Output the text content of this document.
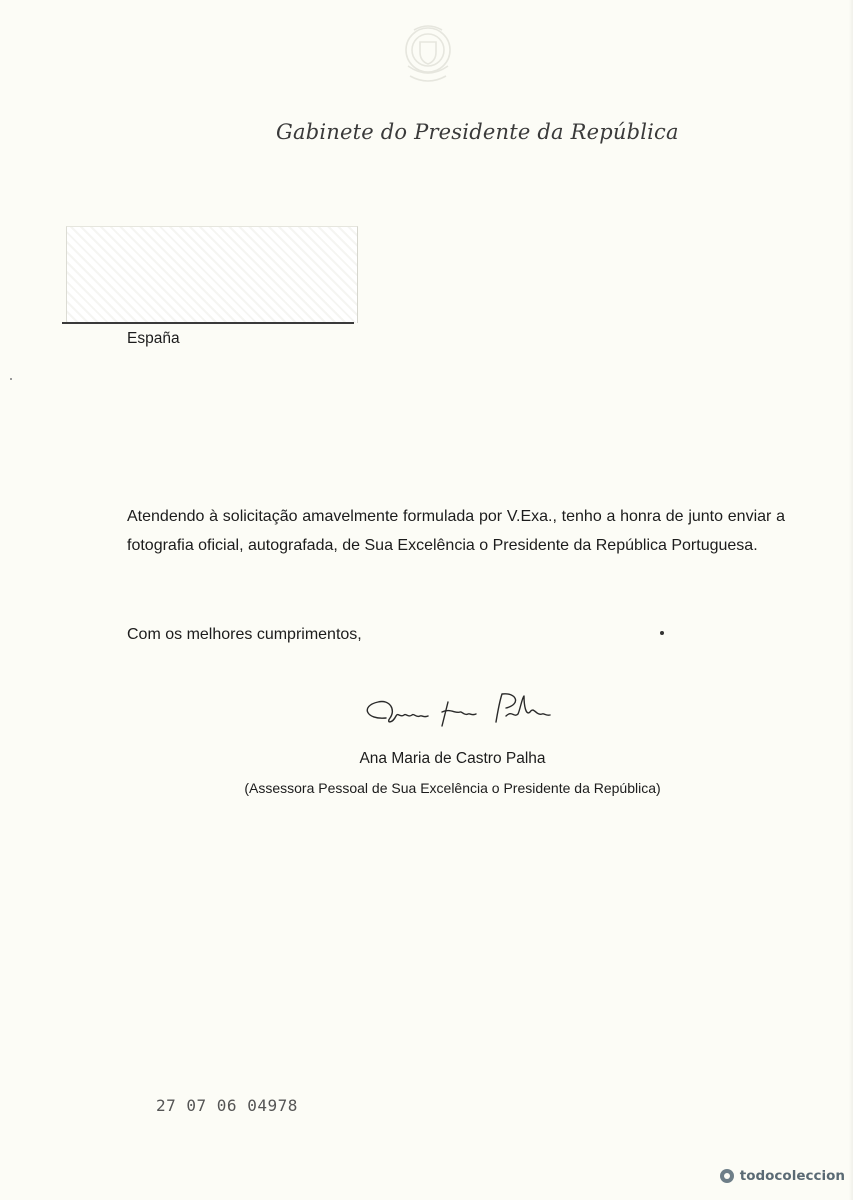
Gabinete do Presidente da República
España

Atendendo à solicitação amavelmente formulada por V.Exa., tenho a honra de junto enviar a fotografia oficial, autografada, de Sua Excelência o Presidente da República Portuguesa.

Com os melhores cumprimentos,
Ana Maria de Castro Palha
(Assessora Pessoal de Sua Excelência o Presidente da República)
27 07 06 04978
todocoleccion
